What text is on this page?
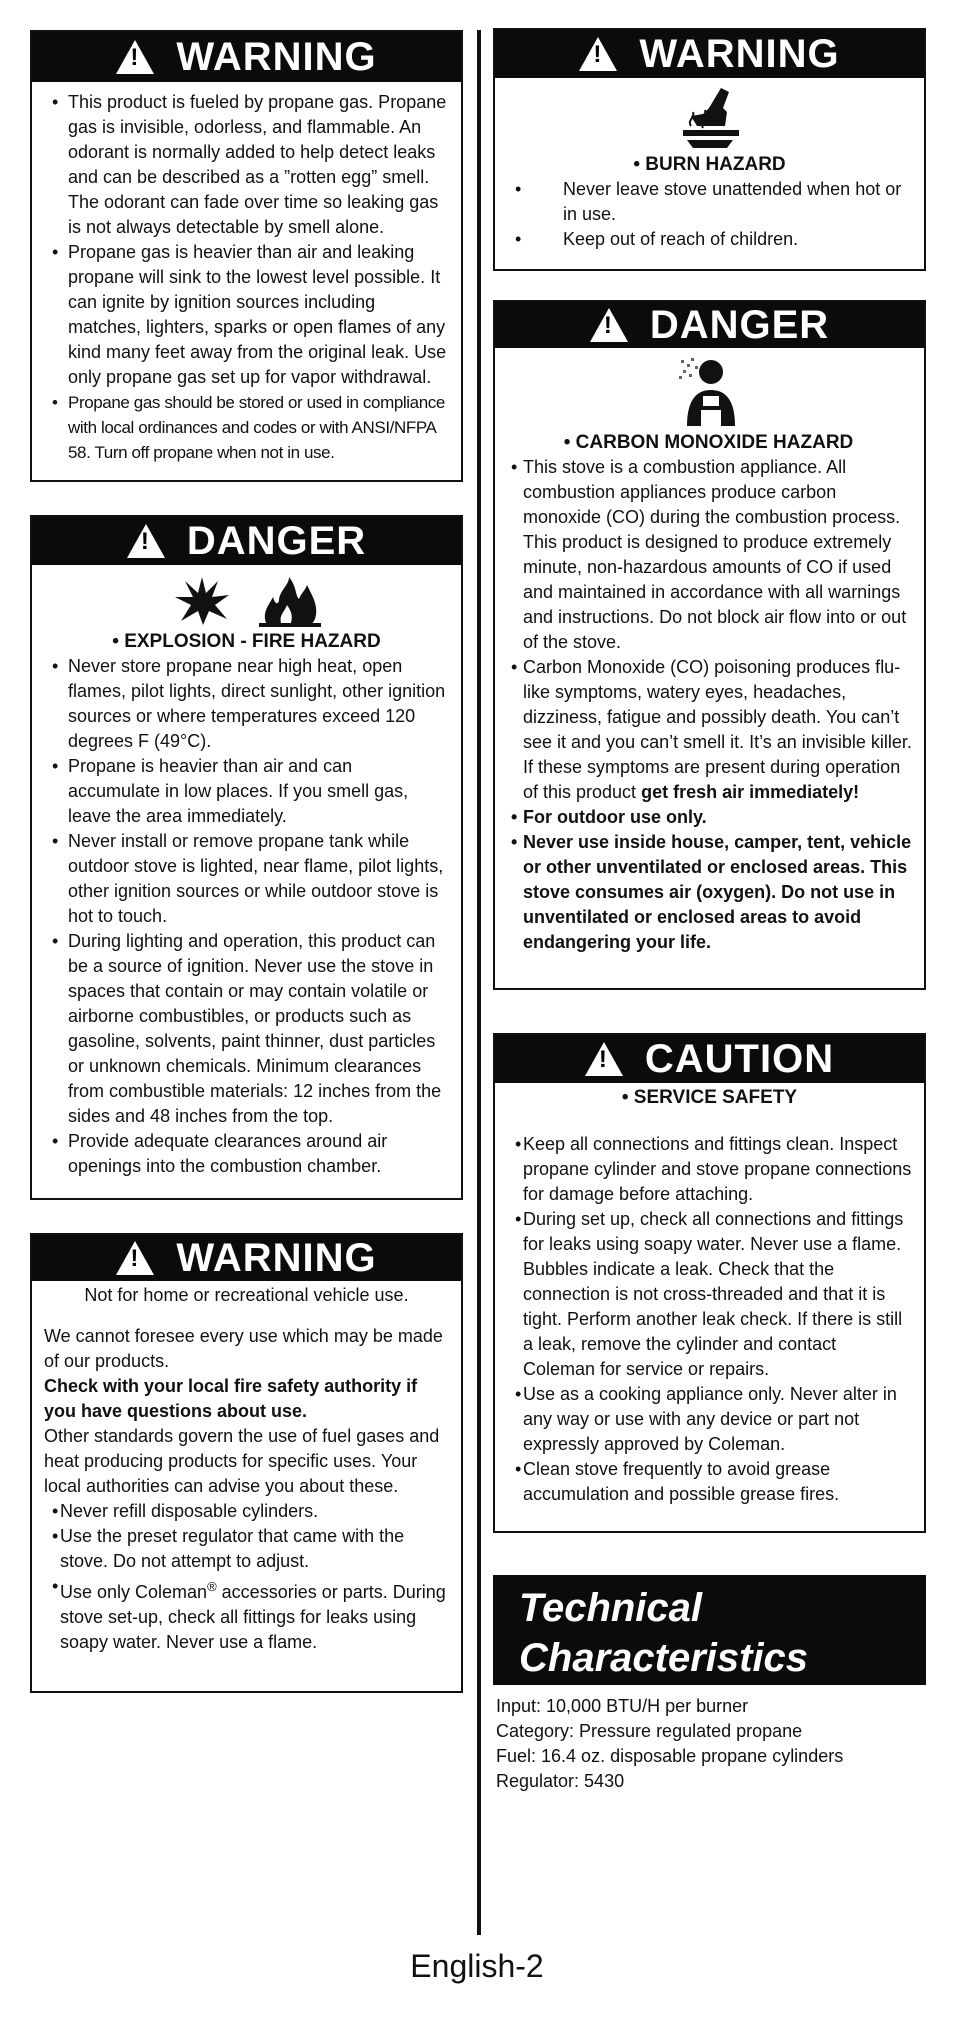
!
WARNING

• This product is fueled by propane gas. Propane gas is invisible, odorless, and flammable. An odorant is normally added to help detect leaks and can be described as a ”rotten egg” smell. The odorant can fade over time so leaking gas is not always detectable by smell alone.

• Propane gas is heavier than air and leaking propane will sink to the lowest level possible. It can ignite by ignition sources including matches, lighters, sparks or open flames of any kind many feet away from the original leak. Use only propane gas set up for vapor withdrawal.

• Propane gas should be stored or used in compliance with local ordinances and codes or with ANSI/NFPA 58. Turn off propane when not in use.

!
DANGER

• EXPLOSION - FIRE HAZARD

• Never store propane near high heat, open flames, pilot lights, direct sunlight, other ignition sources or where temperatures exceed 120 degrees F (49°C).

• Propane is heavier than air and can accumulate in low places. If you smell gas, leave the area immediately.

• Never install or remove propane tank while outdoor stove is lighted, near flame, pilot lights, other ignition sources or while outdoor stove is hot to touch.

• During lighting and operation, this product can be a source of ignition. Never use the stove in spaces that contain or may contain volatile or airborne combustibles, or products such as gasoline, solvents, paint thinner, dust particles or unknown chemicals. Minimum clearances from combustible materials: 12 inches from the sides and 48 inches from the top.

• Provide adequate clearances around air openings into the combustion chamber.

!
WARNING

Not for home or recreational vehicle use.

We cannot foresee every use which may be made of our products.

Check with your local fire safety authority if you have questions about use.

Other standards govern the use of fuel gases and heat producing products for specific uses. Your local authorities can advise you about these.

• Never refill disposable cylinders.

• Use the preset regulator that came with the stove. Do not attempt to adjust.

• Use only Coleman® accessories or parts. During stove set-up, check all fittings for leaks using soapy water. Never use a flame.

!
WARNING

• BURN HAZARD

• Never leave stove unattended when hot or in use.

• Keep out of reach of children.

!
DANGER

• CARBON MONOXIDE HAZARD

• This stove is a combustion appliance. All combustion appliances produce carbon monoxide (CO) during the combustion process. This product is designed to produce extremely minute, non-hazardous amounts of CO if used and maintained in accordance with all warnings and instructions. Do not block air flow into or out of the stove.

• Carbon Monoxide (CO) poisoning produces flu-like symptoms, watery eyes, headaches, dizziness, fatigue and possibly death. You can’t see it and you can’t smell it. It’s an invisible killer. If these symptoms are present during operation of this product get fresh air immediately!

• For outdoor use only.

• Never use inside house, camper, tent, vehicle or other unventilated or enclosed areas. This stove consumes air (oxygen). Do not use in unventilated or enclosed areas to avoid endangering your life.

!
CAUTION

• SERVICE SAFETY

• Keep all connections and fittings clean. Inspect propane cylinder and stove propane connections for damage before attaching.

• During set up, check all connections and fittings for leaks using soapy water. Never use a flame. Bubbles indicate a leak. Check that the connection is not cross-threaded and that it is tight. Perform another leak check. If there is still a leak, remove the cylinder and contact Coleman for service or repairs.

• Use as a cooking appliance only. Never alter in any way or use with any device or part not expressly approved by Coleman.

• Clean stove frequently to avoid grease accumulation and possible grease fires.

Technical
Characteristics
Input: 10,000 BTU/H per burner
Category: Pressure regulated propane
Fuel: 16.4 oz. disposable propane cylinders
Regulator: 5430
English-2
